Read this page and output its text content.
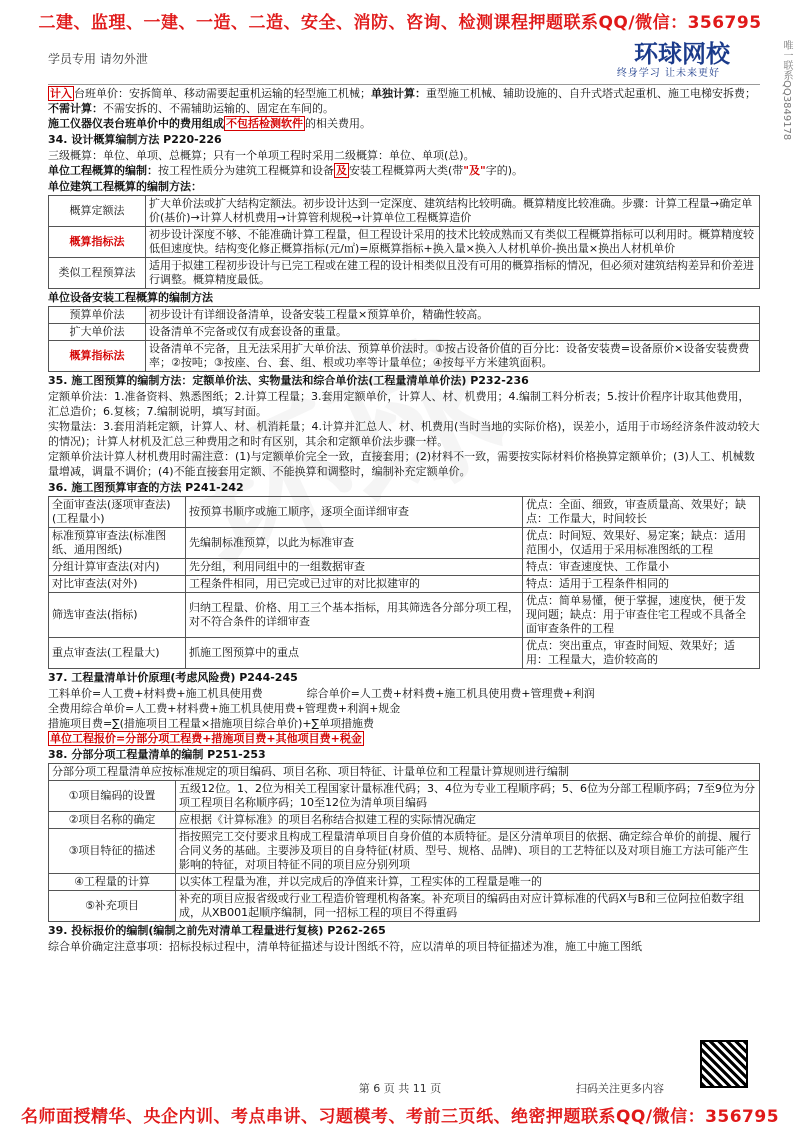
二建、监理、一建、一造、二造、安全、消防、咨询、检测课程押题联系QQ/微信：356795
学员专用 请勿外泄	环球网校
终身学习 让未来更好	唯一联系QQ3849178

计入 台班单价：安拆简单、移动需要起重机运输的轻型施工机械；单独计算：重型施工机械、辅助设施的、自升式塔式起重机、施工电梯安拆费；不需计算：不需安拆的、不需辅助运输的、固定在车间的。

施工仪器仪表台班单价中的费用组成 不包括检测软件 的相关费用。

34. 设计概算编制方法 P220-226

三级概算：单位、单项、总概算；只有一个单项工程时采用二级概算：单位、单项(总)。

单位工程概算的编制：按工程性质分为建筑工程概算和设备 及 安装工程概算两大类(带"及"字的)。

单位建筑工程概算的编制方法：

概算定额法	扩大单价法或扩大结构定额法。初步设计达到一定深度、建筑结构比较明确。概算精度比较准确。步骤：计算工程量→确定单价(基价)→计算人材机费用→计算管利规税→计算单位工程概算造价
概算指标法	初步设计深度不够、不能准确计算工程量，但工程设计采用的技术比较成熟而又有类似工程概算指标可以利用时。概算精度较低但速度快。结构变化修正概算指标(元/㎡)=原概算指标+换入量×换入人材机单价-换出量×换出人材机单价
类似工程预算法	适用于拟建工程初步设计与已完工程或在建工程的设计相类似且没有可用的概算指标的情况，但必须对建筑结构差异和价差进行调整。概算精度最低。

单位设备安装工程概算的编制方法

预算单价法	初步设计有详细设备清单，设备安装工程量×预算单价，精确性较高。
扩大单价法	设备清单不完备或仅有成套设备的重量。
概算指标法	设备清单不完备，且无法采用扩大单价法、预算单价法时。①按占设备价值的百分比：设备安装费=设备原价×设备安装费费率；②按吨；③按座、台、套、组、根或功率等计量单位；④按每平方米建筑面积。

35. 施工图预算的编制方法：定额单价法、实物量法和综合单价法(工程量清单单价法) P232-236

定额单价法：1.准备资料、熟悉图纸；2.计算工程量；3.套用定额单价，计算人、材、机费用；4.编制工料分析表；5.按计价程序计取其他费用，汇总造价；6.复核；7.编制说明，填写封面。

实物量法：3.套用消耗定额，计算人、材、机消耗量；4.计算并汇总人、材、机费用(当时当地的实际价格)，误差小，适用于市场经济条件波动较大的情况)；计算人材机及汇总三种费用之和时有区别，其余和定额单价法步骤一样。

定额单价法计算人材机费用时需注意：(1)与定额单价完全一致，直接套用；(2)材料不一致，需要按实际材料价格换算定额单价；(3)人工、机械数量增减，调量不调价；(4)不能直接套用定额、不能换算和调整时，编制补充定额单价。

36. 施工图预算审查的方法 P241-242

全面审查法(逐项审查法)(工程量小)	按预算书顺序或施工顺序，逐项全面详细审查	优点：全面、细致，审查质量高、效果好；缺点：工作量大，时间较长
标准预算审查法(标准图纸、通用图纸)	先编制标准预算，以此为标准审查	优点：时间短、效果好、易定案；缺点：适用范围小，仅适用于采用标准图纸的工程
分组计算审查法(对内)	先分组，利用同组中的一组数据审查	特点：审查速度快、工作量小
对比审查法(对外)	工程条件相同，用已完或已过审的对比拟建审的	特点：适用于工程条件相同的
筛选审查法(指标)	归纳工程量、价格、用工三个基本指标，用其筛选各分部分项工程，对不符合条件的详细审查	优点：简单易懂，便于掌握，速度快，便于发现问题；缺点：用于审查住宅工程或不具备全面审查条件的工程
重点审查法(工程量大)	抓施工图预算中的重点	优点：突出重点，审查时间短、效果好；适用：工程量大，造价较高的

37. 工程量清单计价原理(考虑风险费) P244-245

工料单价=人工费+材料费+施工机具使用费　　　　	综合单价=人工费+材料费+施工机具使用费+管理费+利润

全费用综合单价=人工费+材料费+施工机具使用费+管理费+利润+规金

措施项目费=∑(措施项目工程量×措施项目综合单价)+∑单项措施费

单位工程报价=分部分项工程费+措施项目费+其他项目费+税金

38. 分部分项工程量清单的编制 P251-253

分部分项工程量清单应按标准规定的项目编码、项目名称、项目特征、计量单位和工程量计算规则进行编制	
①项目编码的设置	五级12位。1、2位为相关工程国家计量标准代码；3、4位为专业工程顺序码；5、6位为分部工程顺序码；7至9位为分项工程项目名称顺序码；10至12位为清单项目编码
②项目名称的确定	应根据《计算标准》的项目名称结合拟建工程的实际情况确定
③项目特征的描述	指按照完工交付要求且构成工程量清单项目自身价值的本质特征。是区分清单项目的依据、确定综合单价的前提、履行合同义务的基础。主要涉及项目的自身特征(材质、型号、规格、品牌)、项目的工艺特征以及对项目施工方法可能产生影响的特征，对项目特征不同的项目应分别列项
④工程量的计算	以实体工程量为准，并以完成后的净值来计算，工程实体的工程量是唯一的
⑤补充项目	补充的项目应报省级或行业工程造价管理机构备案。补充项目的编码由对应计算标准的代码X与B和三位阿拉伯数字组成，从XB001起顺序编制，同一招标工程的项目不得重码

39. 投标报价的编制(编制之前先对清单工程量进行复核) P262-265

综合单价确定注意事项：招标投标过程中，清单特征描述与设计图纸不符，应以清单的项目特征描述为准，施工中施工图纸

扫码关注更多内容
第 6 页 共 11 页
名师面授精华、央企内训、考点串讲、习题模考、考前三页纸、绝密押题联系QQ/微信：356795
